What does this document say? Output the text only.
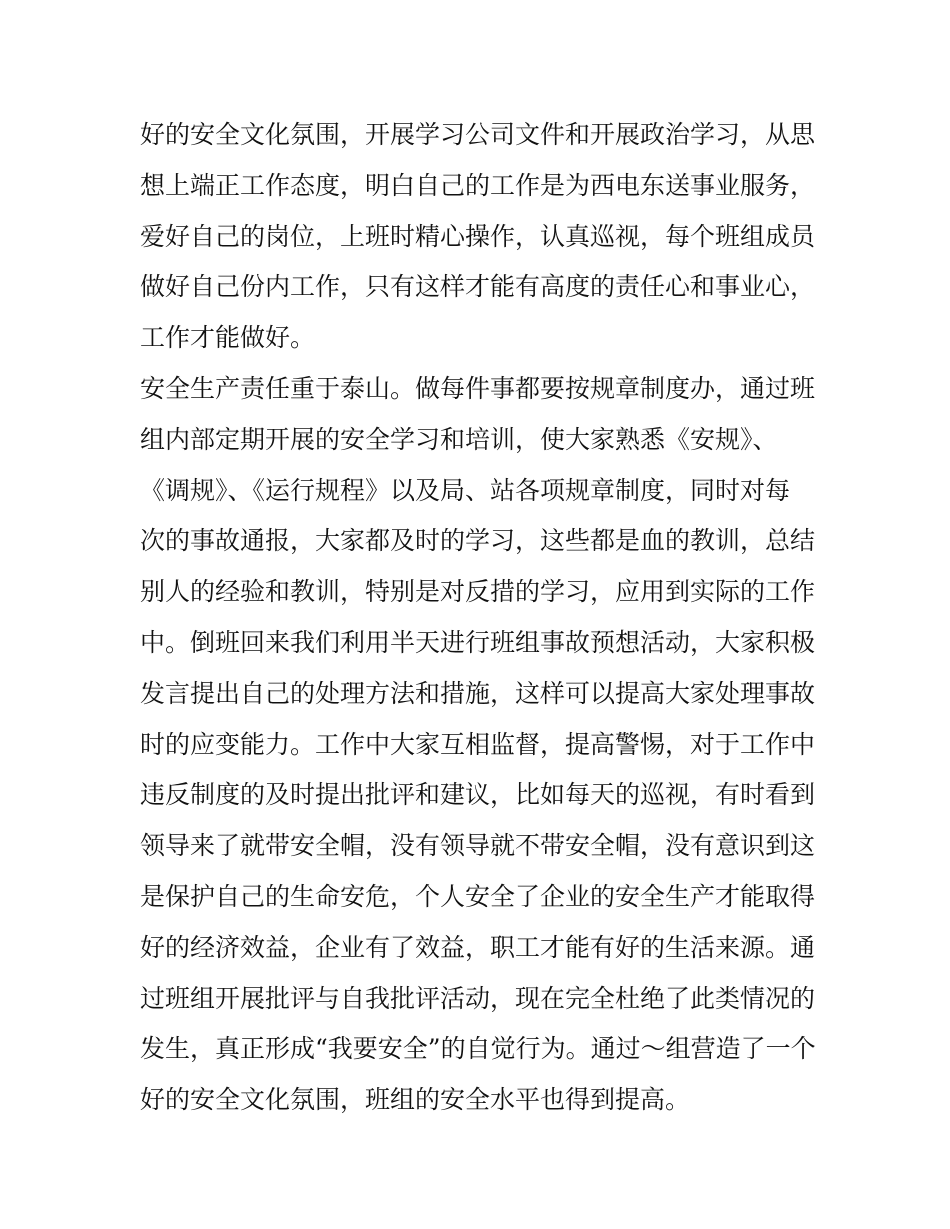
好的安全文化氛围，开展学习公司文件和开展政治学习，从思
想上端正工作态度，明白自己的工作是为西电东送事业服务，
爱好自己的岗位，上班时精心操作，认真巡视，每个班组成员
做好自己份内工作，只有这样才能有高度的责任心和事业心，
工作才能做好。
安全生产责任重于泰山。做每件事都要按规章制度办，通过班
组内部定期开展的安全学习和培训，使大家熟悉《安规》、
《调规》、《运行规程》以及局、站各项规章制度，同时对每
次的事故通报，大家都及时的学习，这些都是血的教训，总结
别人的经验和教训，特别是对反措的学习，应用到实际的工作
中。倒班回来我们利用半天进行班组事故预想活动，大家积极
发言提出自己的处理方法和措施，这样可以提高大家处理事故
时的应变能力。工作中大家互相监督，提高警惕，对于工作中
违反制度的及时提出批评和建议，比如每天的巡视，有时看到
领导来了就带安全帽，没有领导就不带安全帽，没有意识到这
是保护自己的生命安危，个人安全了企业的安全生产才能取得
好的经济效益，企业有了效益，职工才能有好的生活来源。通
过班组开展批评与自我批评活动，现在完全杜绝了此类情况的
发生，真正形成“我要安全”的自觉行为。通过～组营造了一个
好的安全文化氛围，班组的安全水平也得到提高。
